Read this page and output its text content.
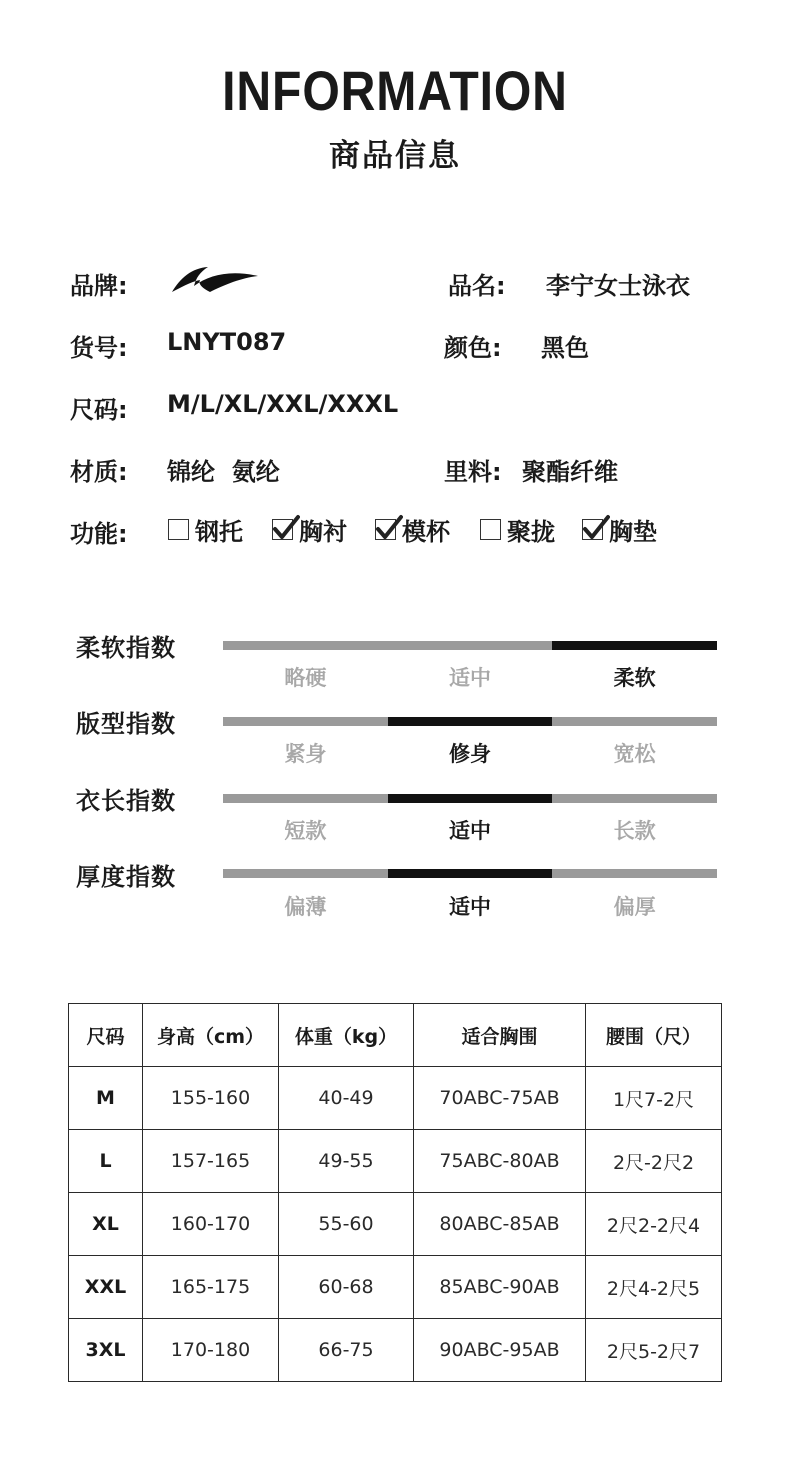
INFORMATION
商品信息
品牌:	品名: 李宁女士泳衣
货号: LNYT087	颜色: 黑色
尺码: M/L/XL/XXL/XXXL
材质: 锦纶  氨纶	里料: 聚酯纤维
功能:	钢托 胸衬 模杯 聚拢 胸垫
柔软指数
略硬	适中	柔软
版型指数
紧身	修身	宽松
衣长指数
短款	适中	长款
厚度指数
偏薄	适中	偏厚
尺码	身高（cm）	体重（kg）	适合胸围	腰围（尺）
M	155-160	40-49	70ABC-75AB	1尺7-2尺
L	157-165	49-55	75ABC-80AB	2尺-2尺2
XL	160-170	55-60	80ABC-85AB	2尺2-2尺4
XXL	165-175	60-68	85ABC-90AB	2尺4-2尺5
3XL	170-180	66-75	90ABC-95AB	2尺5-2尺7
